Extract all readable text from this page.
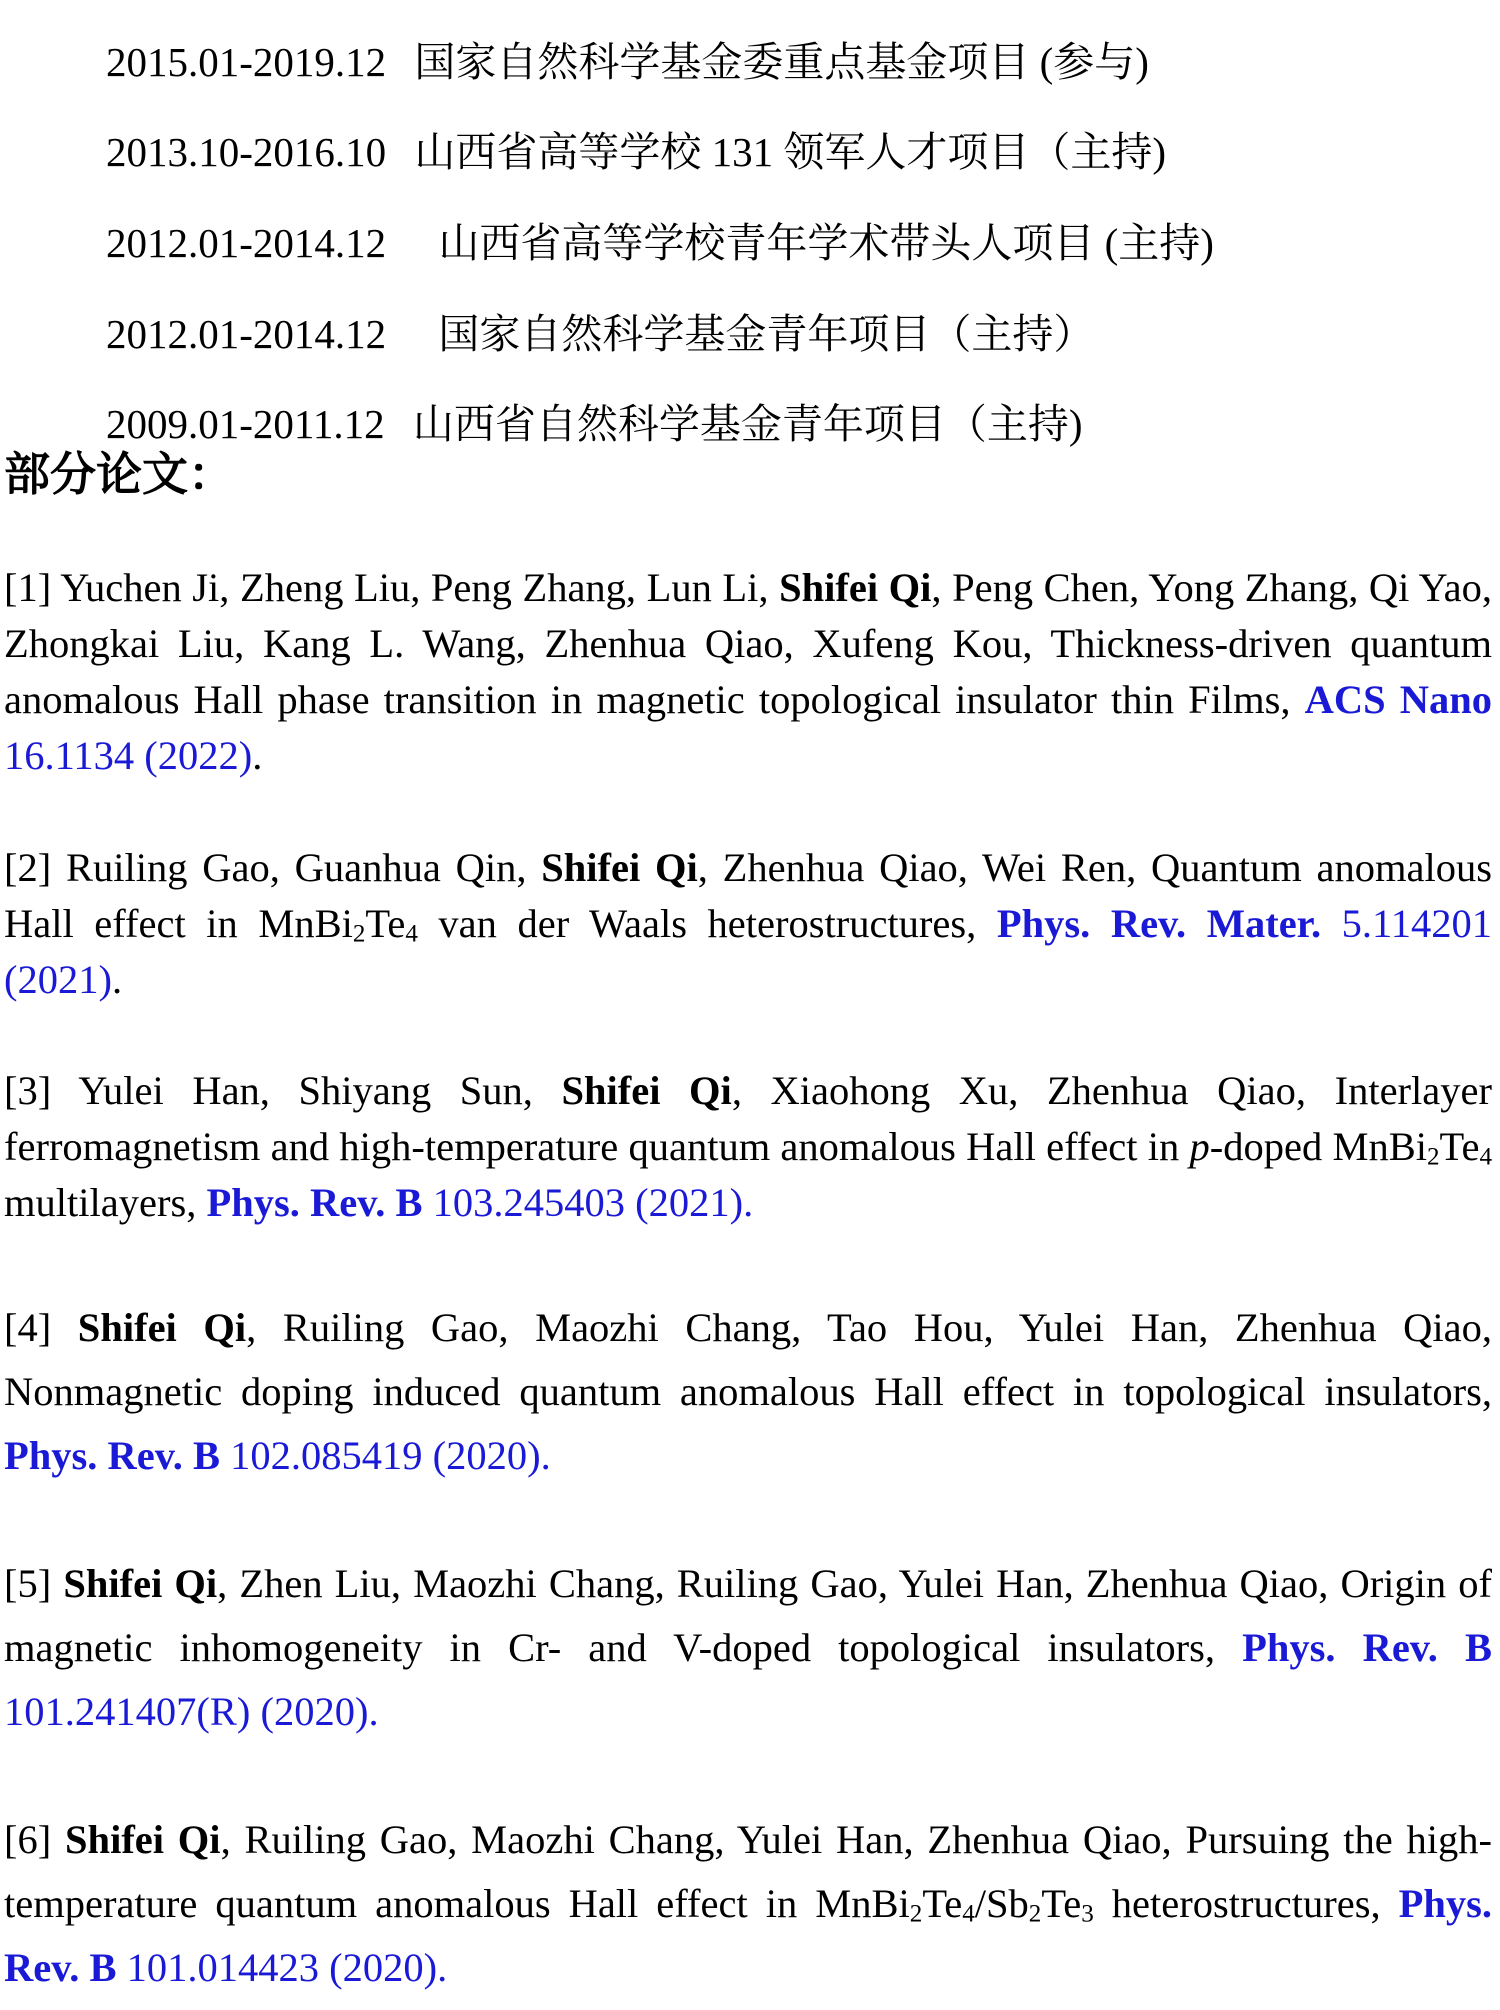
2015.01-2019.12 国家自然科学基金委重点基金项目 (参与)
2013.10-2016.10 山西省高等学校 131 领军人才项目（主持)
2012.01-2014.12 山西省高等学校青年学术带头人项目 (主持)
2012.01-2014.12 国家自然科学基金青年项目（主持）
2009.01-2011.12 山西省自然科学基金青年项目（主持)
部分论文：
[1] Yuchen Ji, Zheng Liu, Peng Zhang, Lun Li, Shifei Qi, Peng Chen, Yong Zhang, Qi Yao, Zhongkai Liu, Kang L. Wang, Zhenhua Qiao, Xufeng Kou, Thickness-driven quantum anomalous Hall phase transition in magnetic topological insulator thin Films, ACS Nano 16.1134 (2022).
[2] Ruiling Gao, Guanhua Qin, Shifei Qi, Zhenhua Qiao, Wei Ren, Quantum anomalous Hall effect in $MnBi_2Te_4$ van der Waals heterostructures, Phys. Rev. Mater. 5.114201 (2021).
[3] Yulei Han, Shiyang Sun, Shifei Qi, Xiaohong Xu, Zhenhua Qiao, Interlayer ferromagnetism and high-temperature quantum anomalous Hall effect in p-doped $MnBi_2Te_4$ multilayers, Phys. Rev. B 103.245403 (2021).
[4] Shifei Qi, Ruiling Gao, Maozhi Chang, Tao Hou, Yulei Han, Zhenhua Qiao, Nonmagnetic doping induced quantum anomalous Hall effect in topological insulators, Phys. Rev. B 102.085419 (2020).
[5] Shifei Qi, Zhen Liu, Maozhi Chang, Ruiling Gao, Yulei Han, Zhenhua Qiao, Origin of magnetic inhomogeneity in Cr- and V-doped topological insulators, Phys. Rev. B 101.241407(R) (2020).
[6] Shifei Qi, Ruiling Gao, Maozhi Chang, Yulei Han, Zhenhua Qiao, Pursuing the high-temperature quantum anomalous Hall effect in $MnBi_2Te_4/Sb_2Te_3$ heterostructures, Phys. Rev. B 101.014423 (2020).
